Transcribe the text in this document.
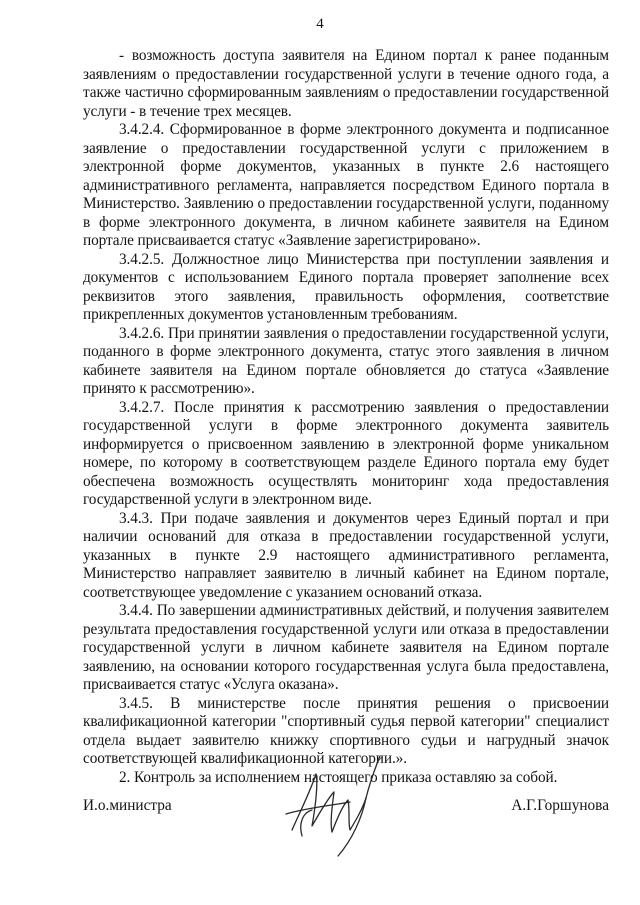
4

- возможность доступа заявителя на Едином портал к ранее поданным заявлениям о предоставлении государственной услуги в течение одного года, а также частично сформированным заявлениям о предоставлении государственной услуги - в течение трех месяцев.

3.4.2.4. Сформированное в форме электронного документа и подписанное заявление о предоставлении государственной услуги с приложением в электронной форме документов, указанных в пункте 2.6 настоящего административного регламента, направляется посредством Единого портала в Министерство. Заявлению о предоставлении государственной услуги, поданному в форме электронного документа, в личном кабинете заявителя на Едином портале присваивается статус «Заявление зарегистрировано».

3.4.2.5. Должностное лицо Министерства при поступлении заявления и документов с использованием Единого портала проверяет заполнение всех реквизитов этого заявления, правильность оформления, соответствие прикрепленных документов установленным требованиям.

3.4.2.6. При принятии заявления о предоставлении государственной услуги, поданного в форме электронного документа, статус этого заявления в личном кабинете заявителя на Едином портале обновляется до статуса «Заявление принято к рассмотрению».

3.4.2.7. После принятия к рассмотрению заявления о предоставлении государственной услуги в форме электронного документа заявитель информируется о присвоенном заявлению в электронной форме уникальном номере, по которому в соответствующем разделе Единого портала ему будет обеспечена возможность осуществлять мониторинг хода предоставления государственной услуги в электронном виде.

3.4.3. При подаче заявления и документов через Единый портал и при наличии оснований для отказа в предоставлении государственной услуги, указанных в пункте 2.9 настоящего административного регламента, Министерство направляет заявителю в личный кабинет на Едином портале, соответствующее уведомление с указанием оснований отказа.

3.4.4. По завершении административных действий, и получения заявителем результата предоставления государственной услуги или отказа в предоставлении государственной услуги в личном кабинете заявителя на Едином портале заявлению, на основании которого государственная услуга была предоставлена, присваивается статус «Услуга оказана».

3.4.5. В министерстве после принятия решения о присвоении квалификационной категории "спортивный судья первой категории" специалист отдела выдает заявителю книжку спортивного судьи и нагрудный значок соответствующей квалификационной категории.».

2. Контроль за исполнением настоящего приказа оставляю за собой.

И.о.министра	А.Г.Горшунова
